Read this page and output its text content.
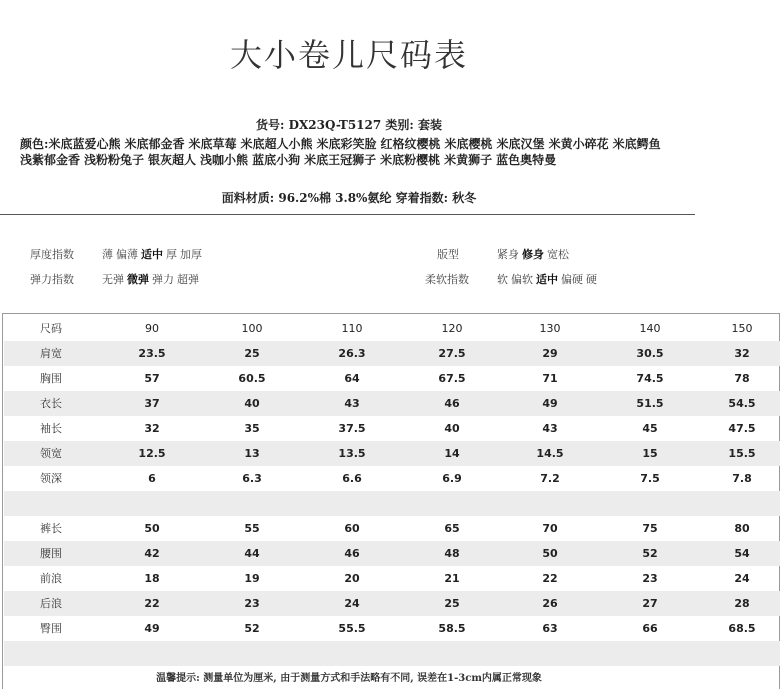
大小卷儿尺码表
货号: DX23Q-T5127 类别: 套装
颜色:米底蓝爱心熊 米底郁金香 米底草莓 米底超人小熊 米底彩笑脸 红格纹樱桃 米底樱桃 米底汉堡 米黄小碎花 米底鳄鱼浅紫郁金香 浅粉粉兔子 银灰超人 浅咖小熊 蓝底小狗 米底王冠狮子 米底粉樱桃 米黄狮子 蓝色奥特曼
面料材质: 96.2%棉 3.8%氨纶 穿着指数: 秋冬
厚度指数	薄 偏薄 适中 厚 加厚	版型	紧身 修身 宽松
弹力指数	无弹 微弹 弹力 超弹	柔软指数	软 偏软 适中 偏硬 硬
尺码	90	100	110	120	130	140	150
肩宽	23.5	25	26.3	27.5	29	30.5	32
胸围	57	60.5	64	67.5	71	74.5	78
衣长	37	40	43	46	49	51.5	54.5
袖长	32	35	37.5	40	43	45	47.5
领宽	12.5	13	13.5	14	14.5	15	15.5
领深	6	6.3	6.6	6.9	7.2	7.5	7.8
裤长	50	55	60	65	70	75	80
腰围	42	44	46	48	50	52	54
前浪	18	19	20	21	22	23	24
后浪	22	23	24	25	26	27	28
臀围	49	52	55.5	58.5	63	66	68.5
温馨提示: 测量单位为厘米, 由于测量方式和手法略有不同, 误差在1-3cm内属正常现象
